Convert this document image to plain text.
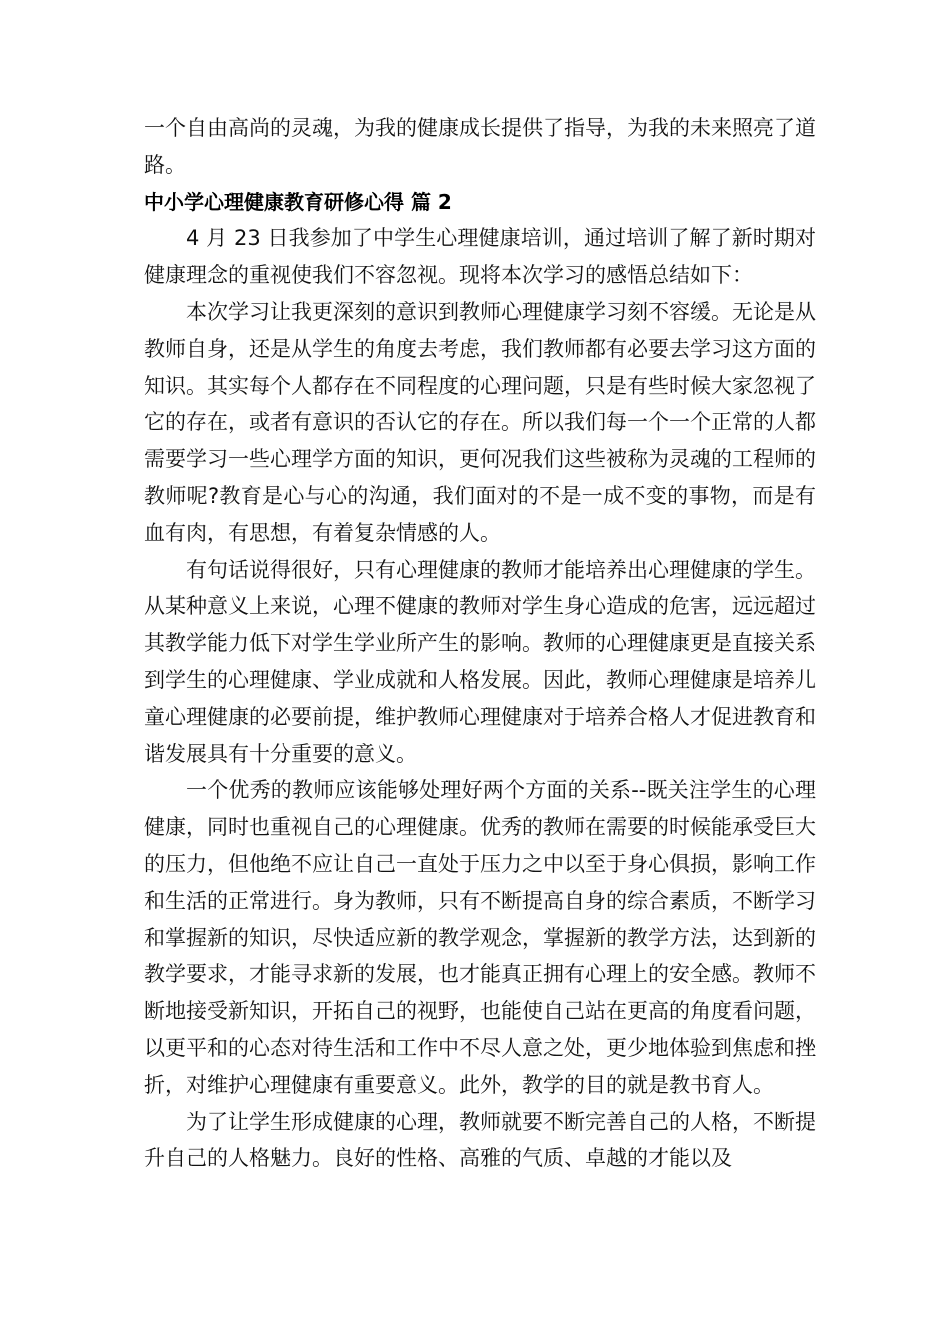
一个自由高尚的灵魂，为我的健康成长提供了指导，为我的未来照亮了道路。

中小学心理健康教育研修心得 篇 2

4 月 23 日我参加了中学生心理健康培训，通过培训了解了新时期对健康理念的重视使我们不容忽视。现将本次学习的感悟总结如下：

本次学习让我更深刻的意识到教师心理健康学习刻不容缓。无论是从教师自身，还是从学生的角度去考虑，我们教师都有必要去学习这方面的知识。其实每个人都存在不同程度的心理问题，只是有些时候大家忽视了它的存在，或者有意识的否认它的存在。所以我们每一个一个正常的人都需要学习一些心理学方面的知识，更何况我们这些被称为灵魂的工程师的教师呢?教育是心与心的沟通，我们面对的不是一成不变的事物，而是有血有肉，有思想，有着复杂情感的人。

有句话说得很好，只有心理健康的教师才能培养出心理健康的学生。从某种意义上来说，心理不健康的教师对学生身心造成的危害，远远超过其教学能力低下对学生学业所产生的影响。教师的心理健康更是直接关系到学生的心理健康、学业成就和人格发展。因此，教师心理健康是培养儿童心理健康的必要前提，维护教师心理健康对于培养合格人才促进教育和谐发展具有十分重要的意义。

一个优秀的教师应该能够处理好两个方面的关系--既关注学生的心理健康，同时也重视自己的心理健康。优秀的教师在需要的时候能承受巨大的压力，但他绝不应让自己一直处于压力之中以至于身心俱损，影响工作和生活的正常进行。身为教师，只有不断提高自身的综合素质，不断学习和掌握新的知识，尽快适应新的教学观念，掌握新的教学方法，达到新的教学要求，才能寻求新的发展，也才能真正拥有心理上的安全感。教师不断地接受新知识，开拓自己的视野，也能使自己站在更高的角度看问题，以更平和的心态对待生活和工作中不尽人意之处，更少地体验到焦虑和挫折，对维护心理健康有重要意义。此外，教学的目的就是教书育人。

为了让学生形成健康的心理，教师就要不断完善自己的人格，不断提升自己的人格魅力。良好的性格、高雅的气质、卓越的才能以及
